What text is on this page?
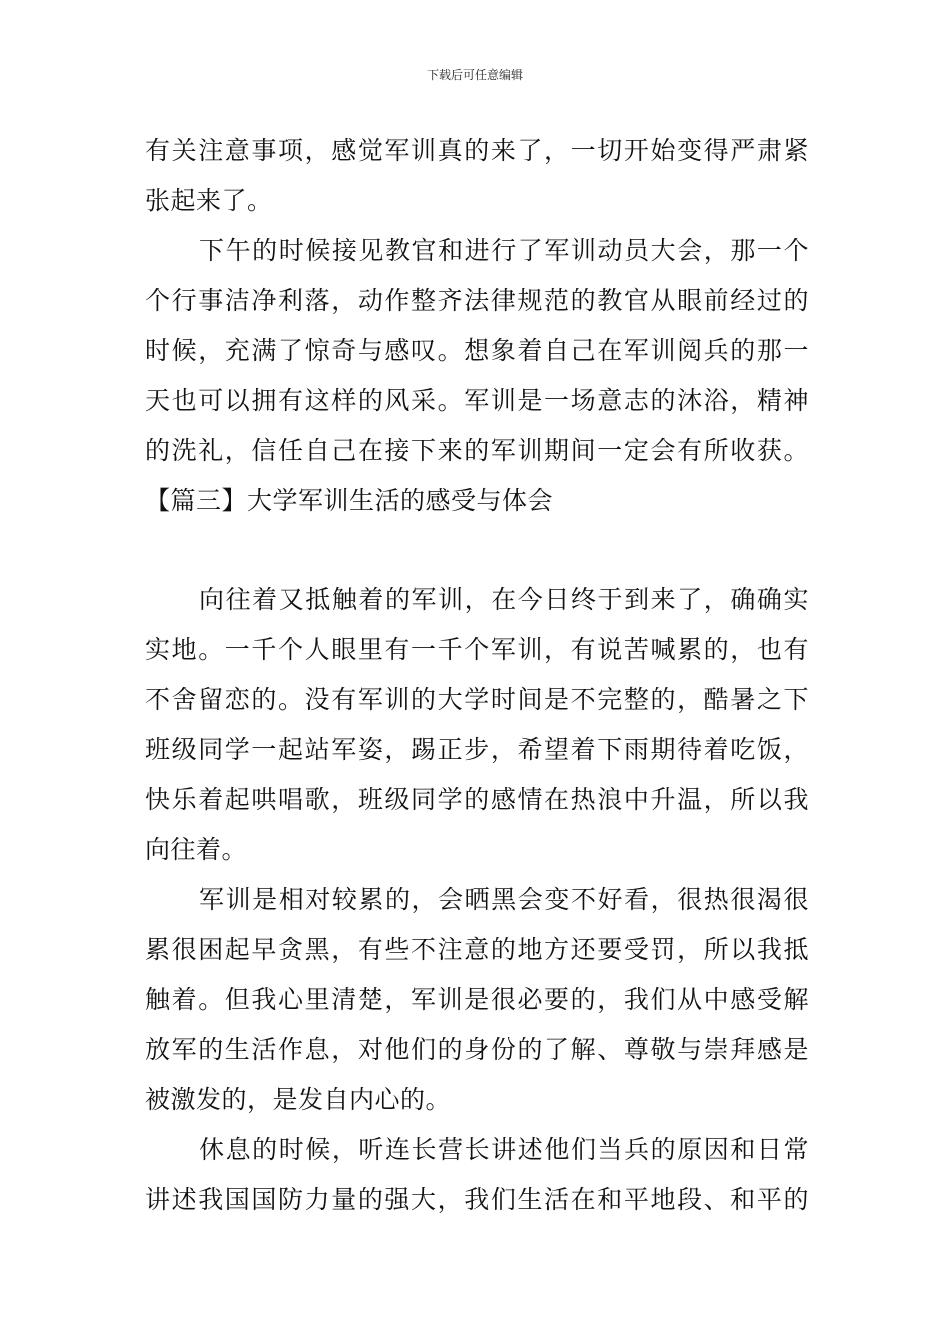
下载后可任意编辑
有关注意事项，感觉军训真的来了，一切开始变得严肃紧
张起来了。
下午的时候接见教官和进行了军训动员大会，那一个
个行事洁净利落，动作整齐法律规范的教官从眼前经过的
时候，充满了惊奇与感叹。想象着自己在军训阅兵的那一
天也可以拥有这样的风采。军训是一场意志的沐浴，精神
的洗礼，信任自己在接下来的军训期间一定会有所收获。
【篇三】大学军训生活的感受与体会
向往着又抵触着的军训，在今日终于到来了，确确实
实地。一千个人眼里有一千个军训，有说苦喊累的，也有
不舍留恋的。没有军训的大学时间是不完整的，酷暑之下
班级同学一起站军姿，踢正步，希望着下雨期待着吃饭，
快乐着起哄唱歌，班级同学的感情在热浪中升温，所以我
向往着。
军训是相对较累的，会晒黑会变不好看，很热很渴很
累很困起早贪黑，有些不注意的地方还要受罚，所以我抵
触着。但我心里清楚，军训是很必要的，我们从中感受解
放军的生活作息，对他们的身份的了解、尊敬与崇拜感是
被激发的，是发自内心的。
休息的时候，听连长营长讲述他们当兵的原因和日常
讲述我国国防力量的强大，我们生活在和平地段、和平的
